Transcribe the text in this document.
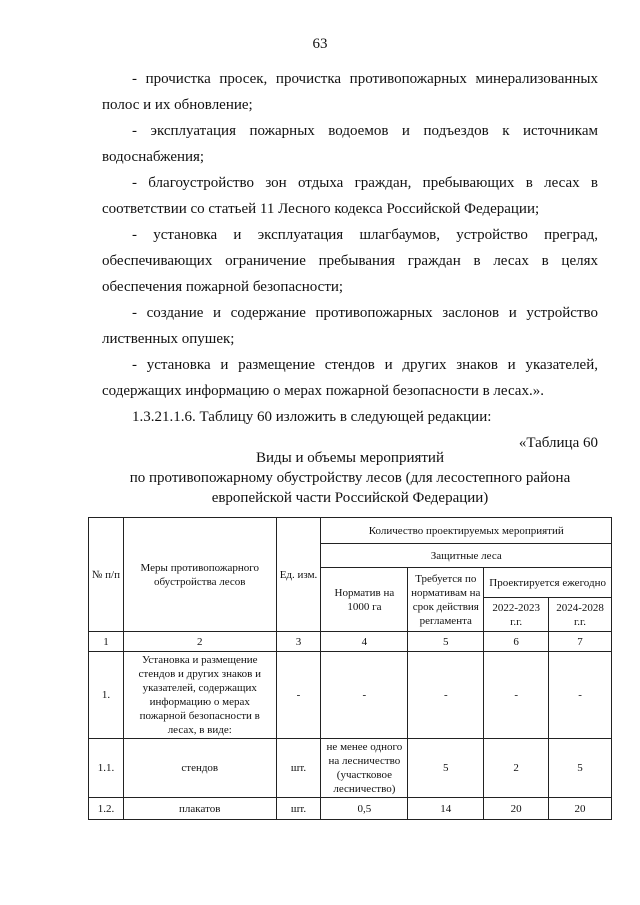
63

- прочистка просек, прочистка противопожарных минерализованных

полос и их обновление;

- эксплуатация пожарных водоемов и подъездов к источникам

водоснабжения;

- благоустройство зон отдыха граждан, пребывающих в лесах в

соответствии со статьей 11 Лесного кодекса Российской Федерации;

- установка и эксплуатация шлагбаумов, устройство преград,

обеспечивающих ограничение пребывания граждан в лесах в целях

обеспечения пожарной безопасности;

- создание и содержание противопожарных заслонов и устройство

лиственных опушек;

- установка и размещение стендов и других знаков и указателей,

содержащих информацию о мерах пожарной безопасности в лесах.».

1.3.21.1.6. Таблицу 60 изложить в следующей редакции:

«Таблица 60

Виды и объемы мероприятий
по противопожарному обустройству лесов (для лесостепного района
европейской части Российской Федерации)
№ п/п	Меры противопожарного обустройства лесов	Ед. изм.	Количество проектируемых мероприятий			
			Защитные леса			
			Норматив на 1000 га	Требуется по нормативам на срок действия регламента	Проектируется ежегодно	
					2022-2023 г.г.	2024-2028 г.г.
1	2	3	4	5	6	7
1.	Установка и размещение стендов и других знаков и указателей, содержащих информацию о мерах пожарной безопасности в лесах, в виде:	-	-	-	-	-
1.1.	стендов	шт.	не менее одного на лесничество (участковое лесничество)	5	2	5
1.2.	плакатов	шт.	0,5	14	20	20
